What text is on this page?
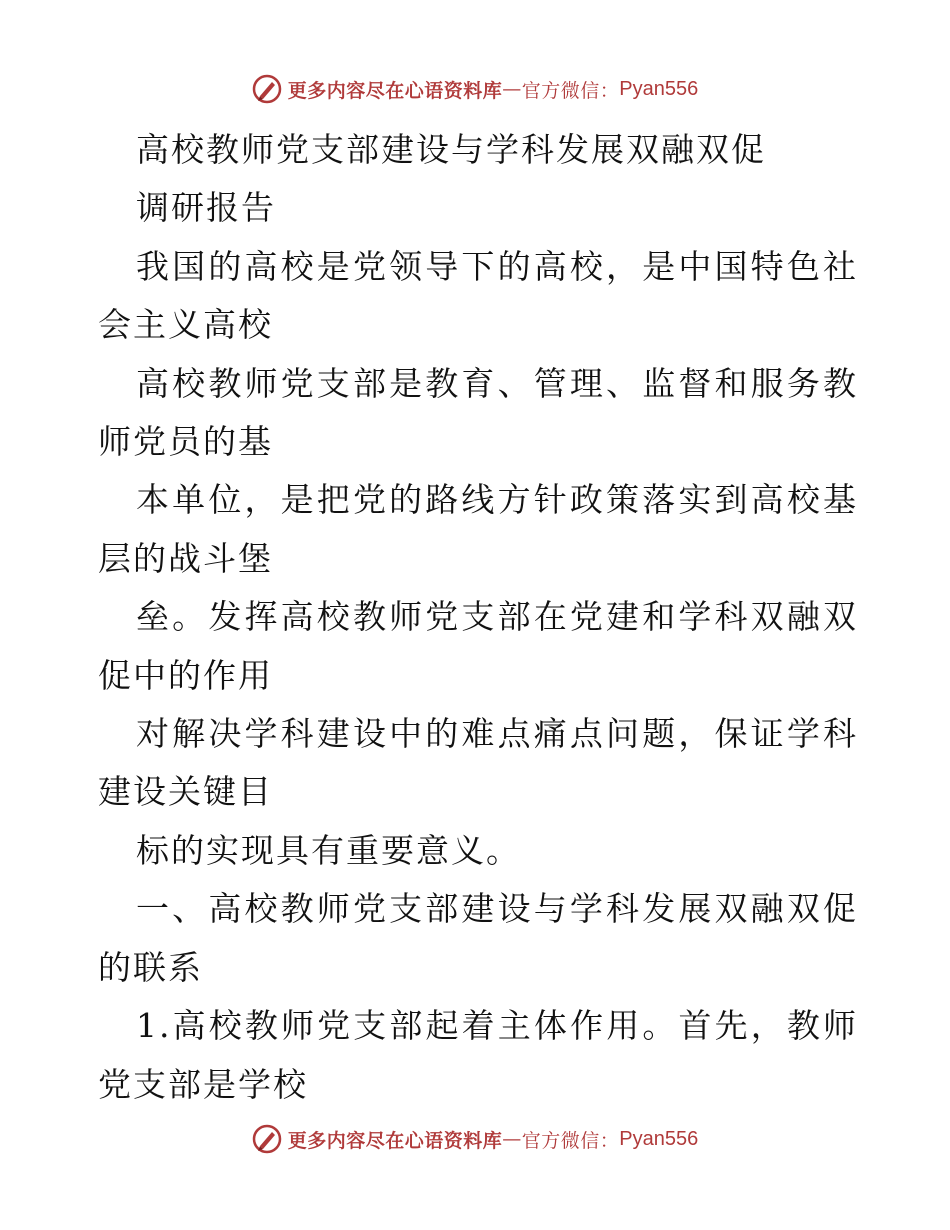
更多内容尽在心语资料库 — 官方微信： Pyan556

高校教师党支部建设与学科发展双融双促

调研报告

我国的高校是党领导下的高校，是中国特色社会主义高校

高校教师党支部是教育、管理、监督和服务教师党员的基

本单位，是把党的路线方针政策落实到高校基层的战斗堡

垒。发挥高校教师党支部在党建和学科双融双促中的作用

对解决学科建设中的难点痛点问题，保证学科建设关键目

标的实现具有重要意义。

一、高校教师党支部建设与学科发展双融双促的联系

1.高校教师党支部起着主体作用。首先，教师党支部是学校

更多内容尽在心语资料库 — 官方微信： Pyan556
